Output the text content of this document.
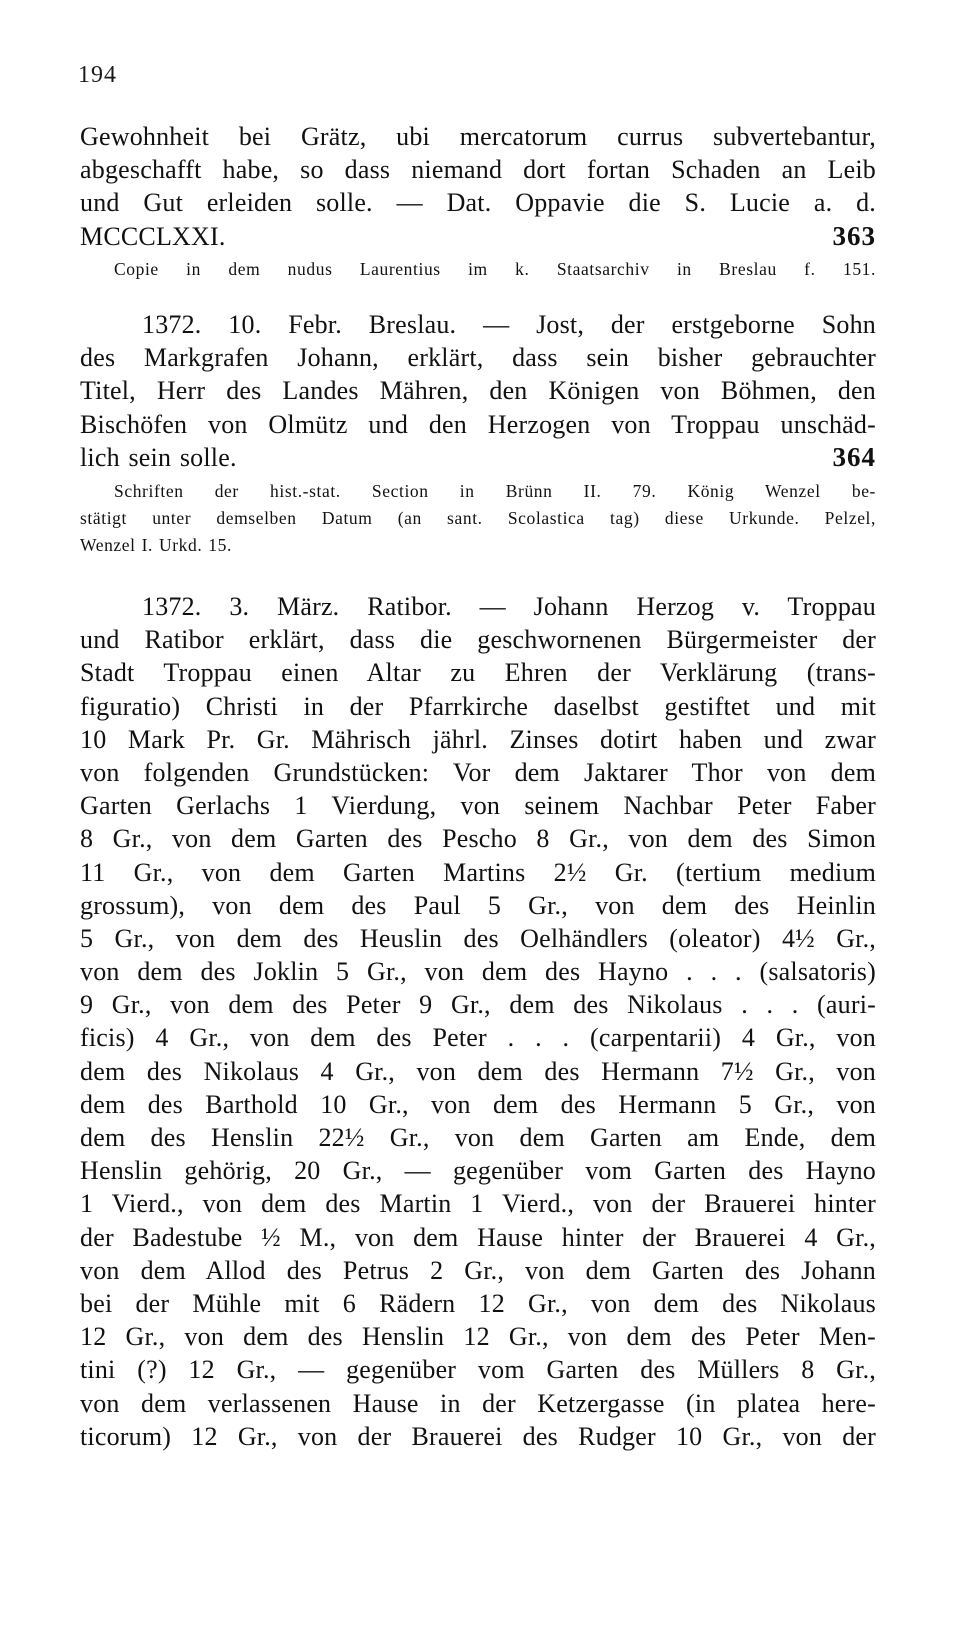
194
Gewohnheit bei Grätz, ubi mercatorum currus subvertebantur,
abgeschafft habe, so dass niemand dort fortan Schaden an Leib
und Gut erleiden solle. — Dat. Oppavie die S. Lucie a. d.
MCCCLXXI.	363
Copie in dem nudus Laurentius im k. Staatsarchiv in Breslau f. 151.
1372. 10. Febr. Breslau. — Jost, der erstgeborne Sohn
des Markgrafen Johann, erklärt, dass sein bisher gebrauchter
Titel, Herr des Landes Mähren, den Königen von Böhmen, den
Bischöfen von Olmütz und den Herzogen von Troppau unschäd-
lich sein solle.	364
Schriften der hist.-stat. Section in Brünn II. 79. König Wenzel be-
stätigt unter demselben Datum (an sant. Scolastica tag) diese Urkunde. Pelzel,
Wenzel I. Urkd. 15.
1372. 3. März. Ratibor. — Johann Herzog v. Troppau
und Ratibor erklärt, dass die geschwornenen Bürgermeister der
Stadt Troppau einen Altar zu Ehren der Verklärung (trans-
figuratio) Christi in der Pfarrkirche daselbst gestiftet und mit
10 Mark Pr. Gr. Mährisch jährl. Zinses dotirt haben und zwar
von folgenden Grundstücken: Vor dem Jaktarer Thor von dem
Garten Gerlachs 1 Vierdung, von seinem Nachbar Peter Faber
8 Gr., von dem Garten des Pescho 8 Gr., von dem des Simon
11 Gr., von dem Garten Martins 2½ Gr. (tertium medium
grossum), von dem des Paul 5 Gr., von dem des Heinlin
5 Gr., von dem des Heuslin des Oelhändlers (oleator) 4½ Gr.,
von dem des Joklin 5 Gr., von dem des Hayno . . . (salsatoris)
9 Gr., von dem des Peter 9 Gr., dem des Nikolaus . . . (auri-
ficis) 4 Gr., von dem des Peter . . . (carpentarii) 4 Gr., von
dem des Nikolaus 4 Gr., von dem des Hermann 7½ Gr., von
dem des Barthold 10 Gr., von dem des Hermann 5 Gr., von
dem des Henslin 22½ Gr., von dem Garten am Ende, dem
Henslin gehörig, 20 Gr., — gegenüber vom Garten des Hayno
1 Vierd., von dem des Martin 1 Vierd., von der Brauerei hinter
der Badestube ½ M., von dem Hause hinter der Brauerei 4 Gr.,
von dem Allod des Petrus 2 Gr., von dem Garten des Johann
bei der Mühle mit 6 Rädern 12 Gr., von dem des Nikolaus
12 Gr., von dem des Henslin 12 Gr., von dem des Peter Men-
tini (?) 12 Gr., — gegenüber vom Garten des Müllers 8 Gr.,
von dem verlassenen Hause in der Ketzergasse (in platea here-
ticorum) 12 Gr., von der Brauerei des Rudger 10 Gr., von der
